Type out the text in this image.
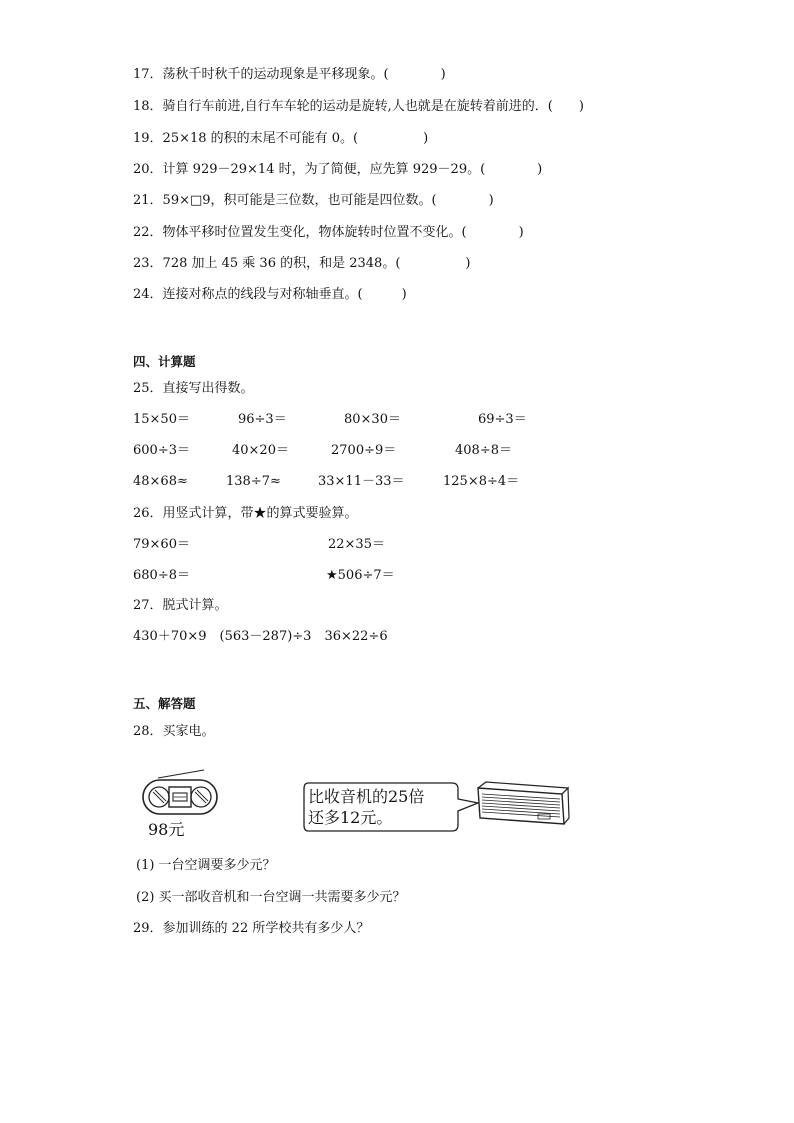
17．荡秋千时秋千的运动现象是平移现象。(　　　　)
18．骑自行车前进,自行车车轮的运动是旋转,人也就是在旋转着前进的．(　　)
19．25×18 的积的末尾不可能有 0。(　　　　　)
20．计算 929－29×14 时，为了简便，应先算 929－29。(　　　　)
21．59×□9，积可能是三位数，也可能是四位数。(　　　　)
22．物体平移时位置发生变化，物体旋转时位置不变化。(　　　　)
23．728 加上 45 乘 36 的积，和是 2348。(　　　　　)
24．连接对称点的线段与对称轴垂直。(　　　)
四、计算题
25．直接写出得数。
15×50＝	96÷3＝	80×30＝	69÷3＝
600÷3＝	40×20＝	2700÷9＝	408÷8＝
48×68≈	138÷7≈	33×11－33＝	125×8÷4＝
26．用竖式计算，带★的算式要验算。
79×60＝	22×35＝
680÷8＝	★506÷7＝
27．脱式计算。
430＋70×9　(563－287)÷3　36×22÷6
五、解答题
28．买家电。
98元
比收音机的25倍
还多12元。
(1) 一台空调要多少元？
(2) 买一部收音机和一台空调一共需要多少元？
29．参加训练的 22 所学校共有多少人？
